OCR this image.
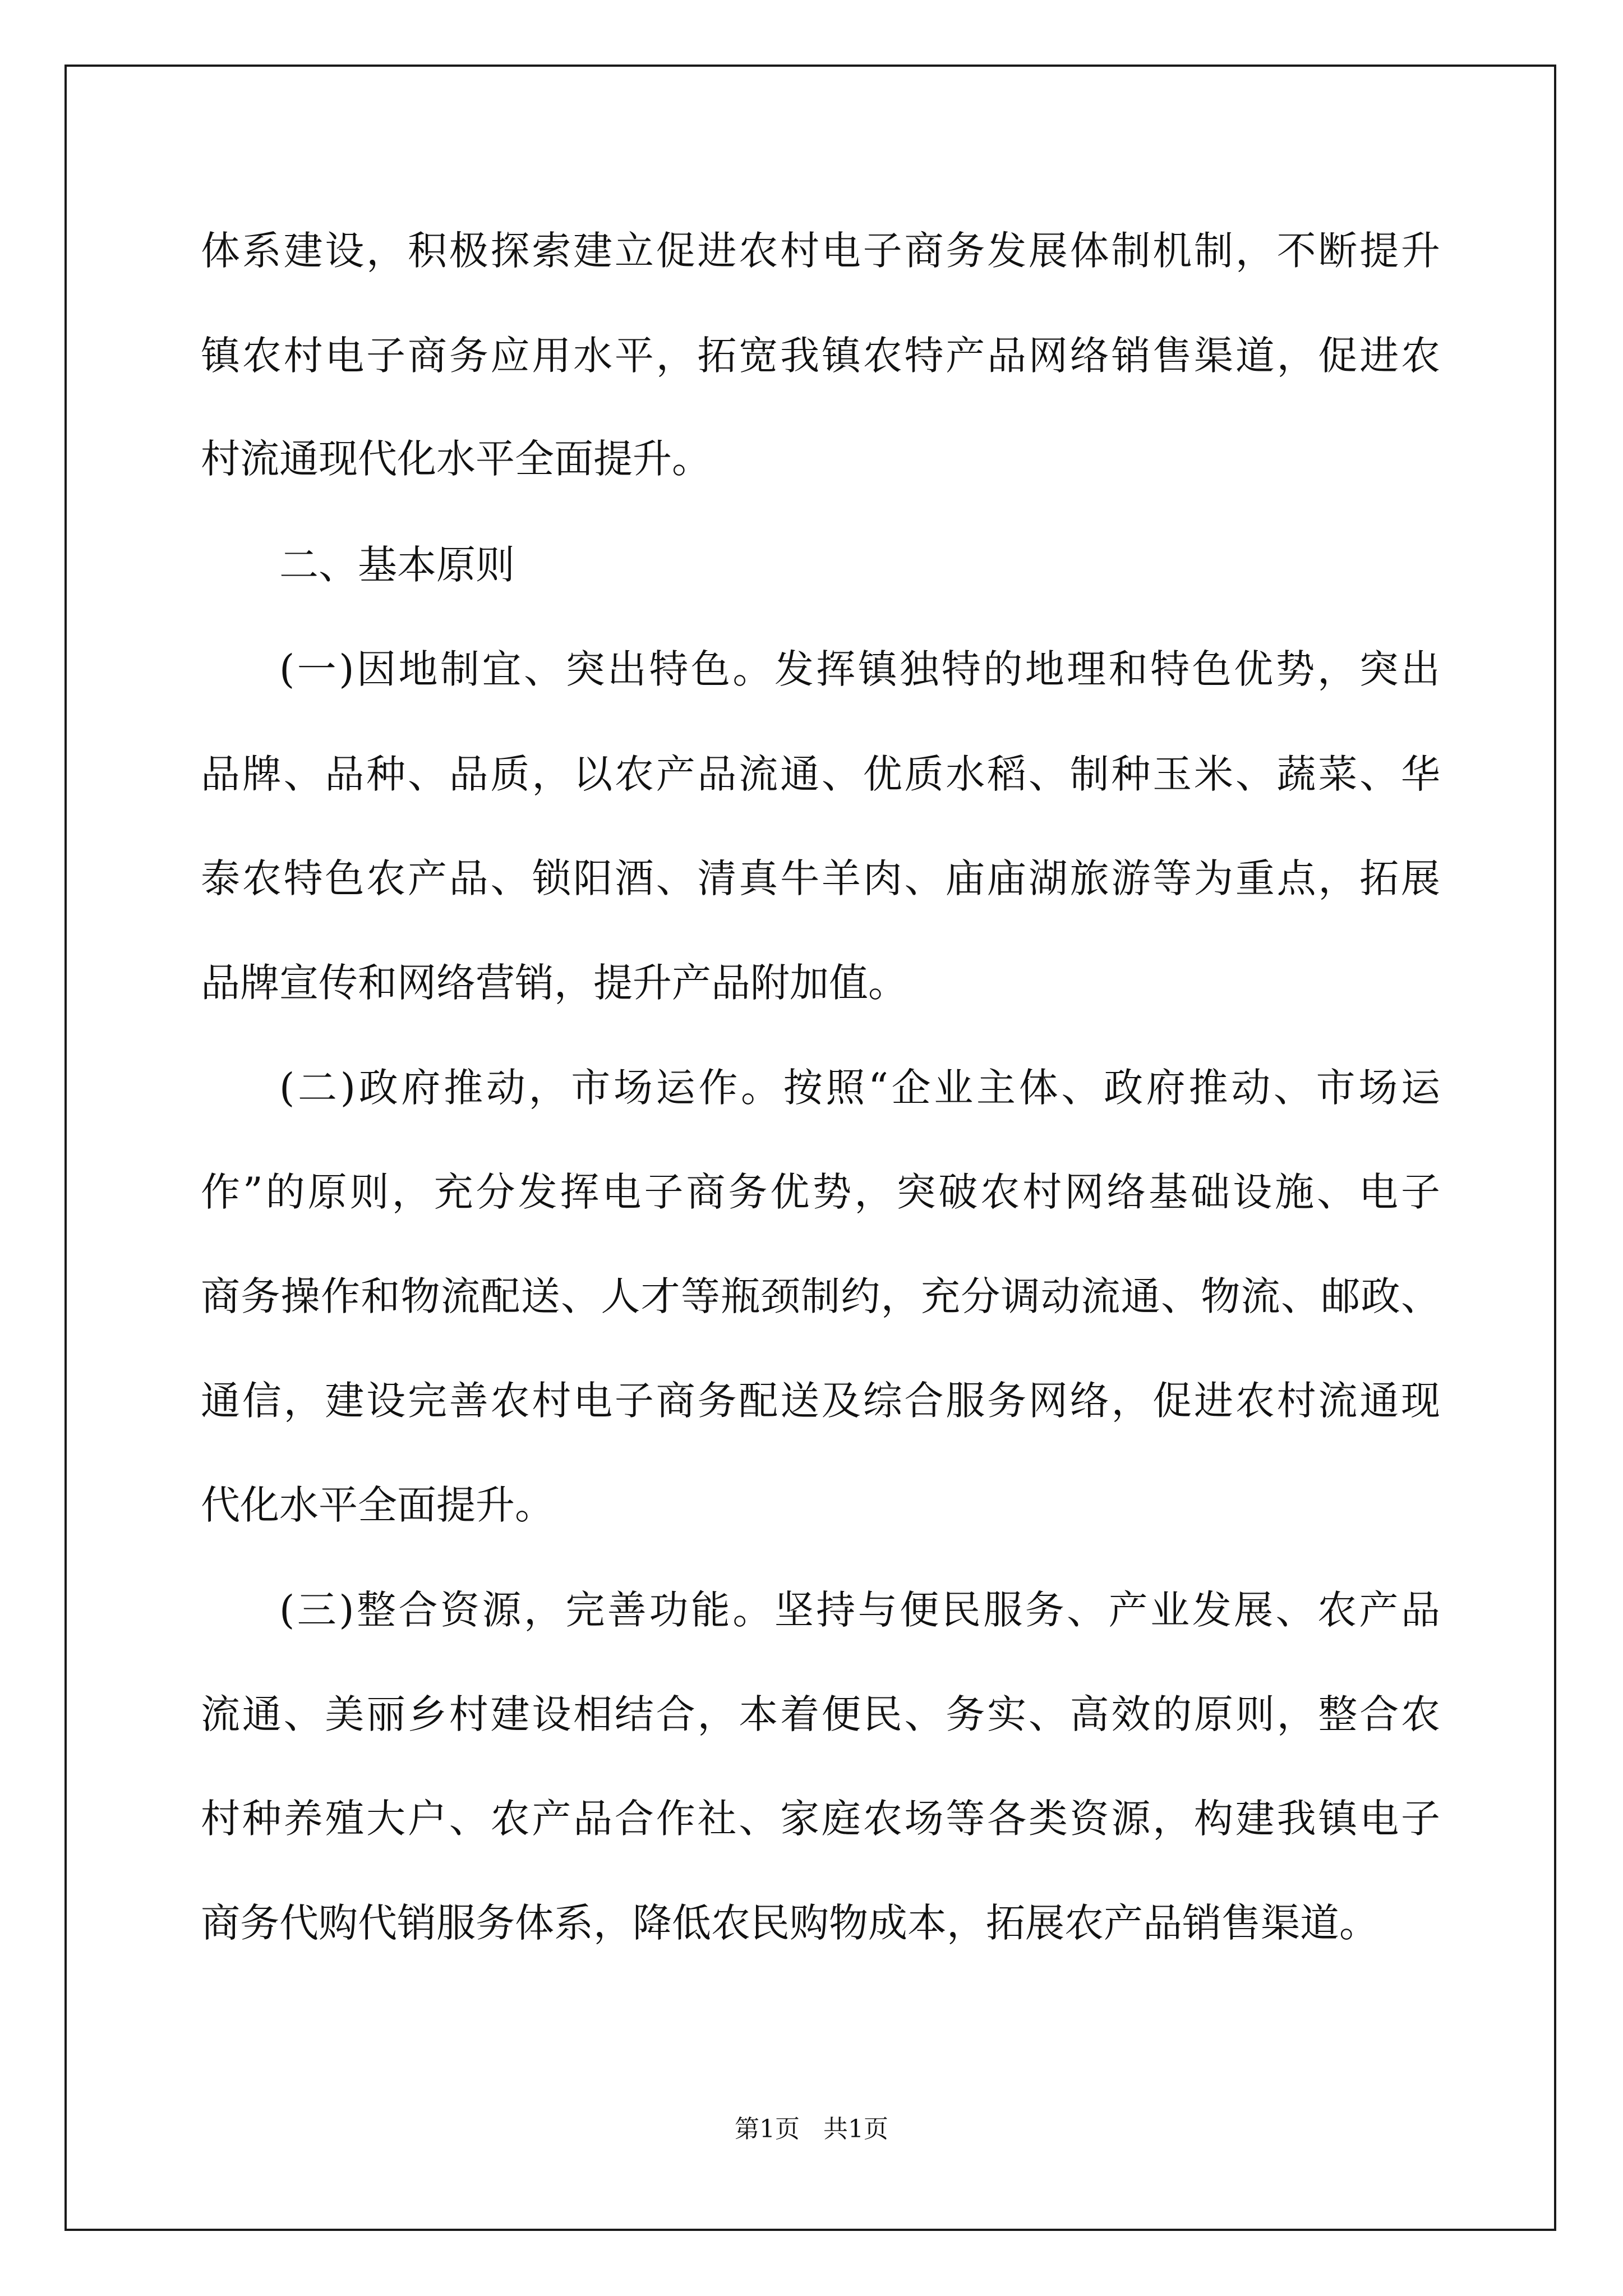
体系建设，积极探索建立促进农村电子商务发展体制机制，不断提升
镇农村电子商务应用水平，拓宽我镇农特产品网络销售渠道，促进农
村流通现代化水平全面提升。
二、基本原则
(一)因地制宜、突出特色。发挥镇独特的地理和特色优势，突出
品牌、品种、品质，以农产品流通、优质水稻、制种玉米、蔬菜、华
泰农特色农产品、锁阳酒、清真牛羊肉、庙庙湖旅游等为重点，拓展
品牌宣传和网络营销，提升产品附加值。
(二)政府推动，市场运作。按照“企业主体、政府推动、市场运
作”的原则，充分发挥电子商务优势，突破农村网络基础设施、电子
商务操作和物流配送、人才等瓶颈制约，充分调动流通、物流、邮政、
通信，建设完善农村电子商务配送及综合服务网络，促进农村流通现
代化水平全面提升。
(三)整合资源，完善功能。坚持与便民服务、产业发展、农产品
流通、美丽乡村建设相结合，本着便民、务实、高效的原则，整合农
村种养殖大户、农产品合作社、家庭农场等各类资源，构建我镇电子
商务代购代销服务体系，降低农民购物成本，拓展农产品销售渠道。
第1页   共1页
